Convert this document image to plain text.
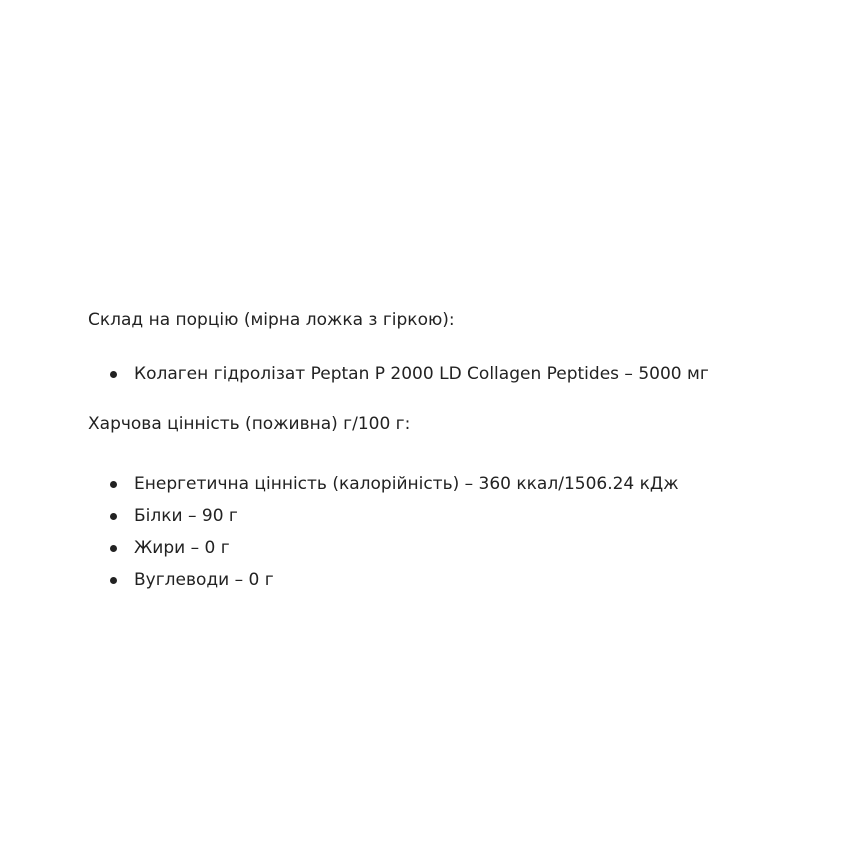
Склад на порцію (мірна ложка з гіркою):

Колаген гідролізат Peptan P 2000 LD Collagen Peptides – 5000 мг

Харчова цінність (поживна) г/100 г:

Енергетична цінність (калорійність) – 360 ккал/1506.24 кДж
Білки – 90 г
Жири – 0 г
Вуглеводи – 0 г
